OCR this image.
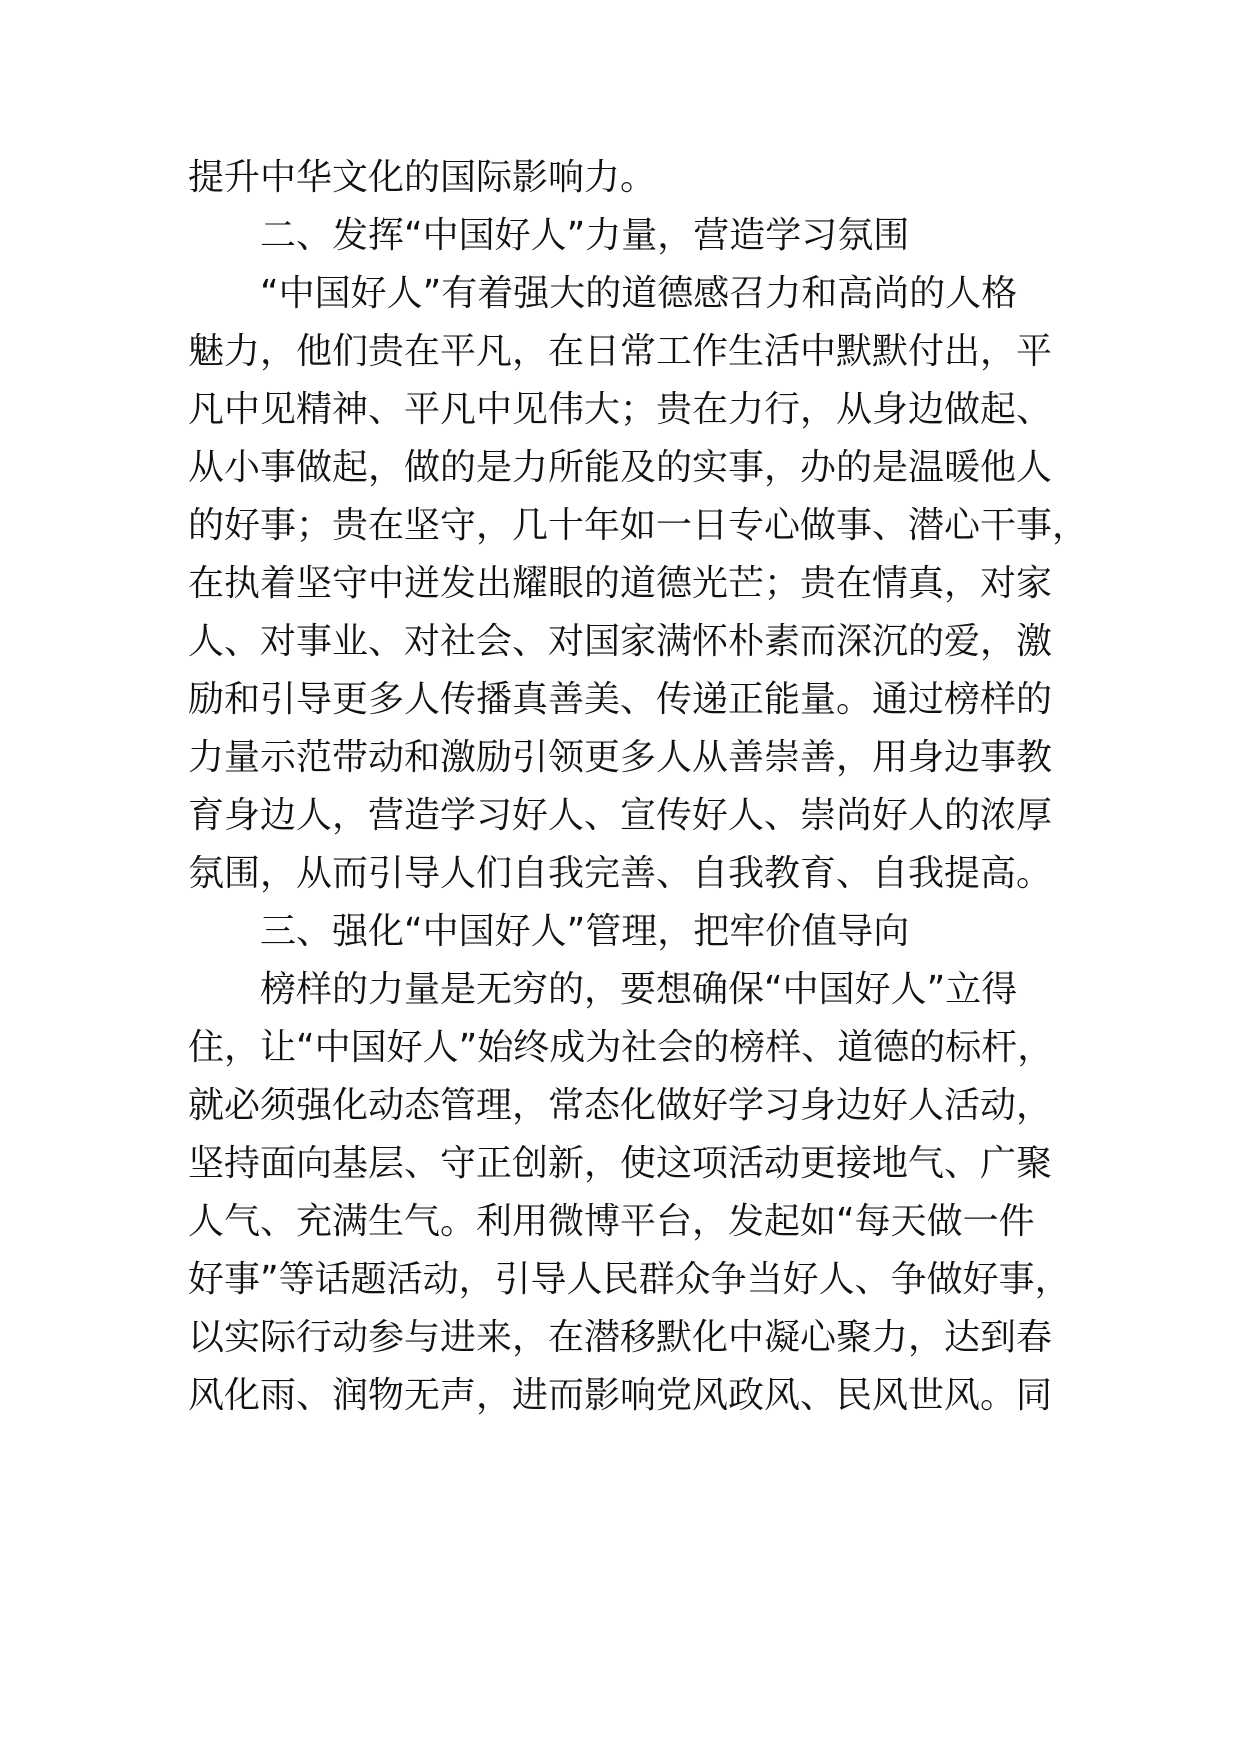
提升中华文化的国际影响力。
二、发挥“中国好人”力量，营造学习氛围
“中国好人”有着强大的道德感召力和高尚的人格
魅力，他们贵在平凡，在日常工作生活中默默付出，平
凡中见精神、平凡中见伟大；贵在力行，从身边做起、
从小事做起，做的是力所能及的实事，办的是温暖他人
的好事；贵在坚守，几十年如一日专心做事、潜心干事，
在执着坚守中迸发出耀眼的道德光芒；贵在情真，对家
人、对事业、对社会、对国家满怀朴素而深沉的爱，激
励和引导更多人传播真善美、传递正能量。通过榜样的
力量示范带动和激励引领更多人从善崇善，用身边事教
育身边人，营造学习好人、宣传好人、崇尚好人的浓厚
氛围，从而引导人们自我完善、自我教育、自我提高。
三、强化“中国好人”管理，把牢价值导向
榜样的力量是无穷的，要想确保“中国好人”立得
住，让“中国好人”始终成为社会的榜样、道德的标杆，
就必须强化动态管理，常态化做好学习身边好人活动，
坚持面向基层、守正创新，使这项活动更接地气、广聚
人气、充满生气。利用微博平台，发起如“每天做一件
好事”等话题活动，引导人民群众争当好人、争做好事，
以实际行动参与进来，在潜移默化中凝心聚力，达到春
风化雨、润物无声，进而影响党风政风、民风世风。同
